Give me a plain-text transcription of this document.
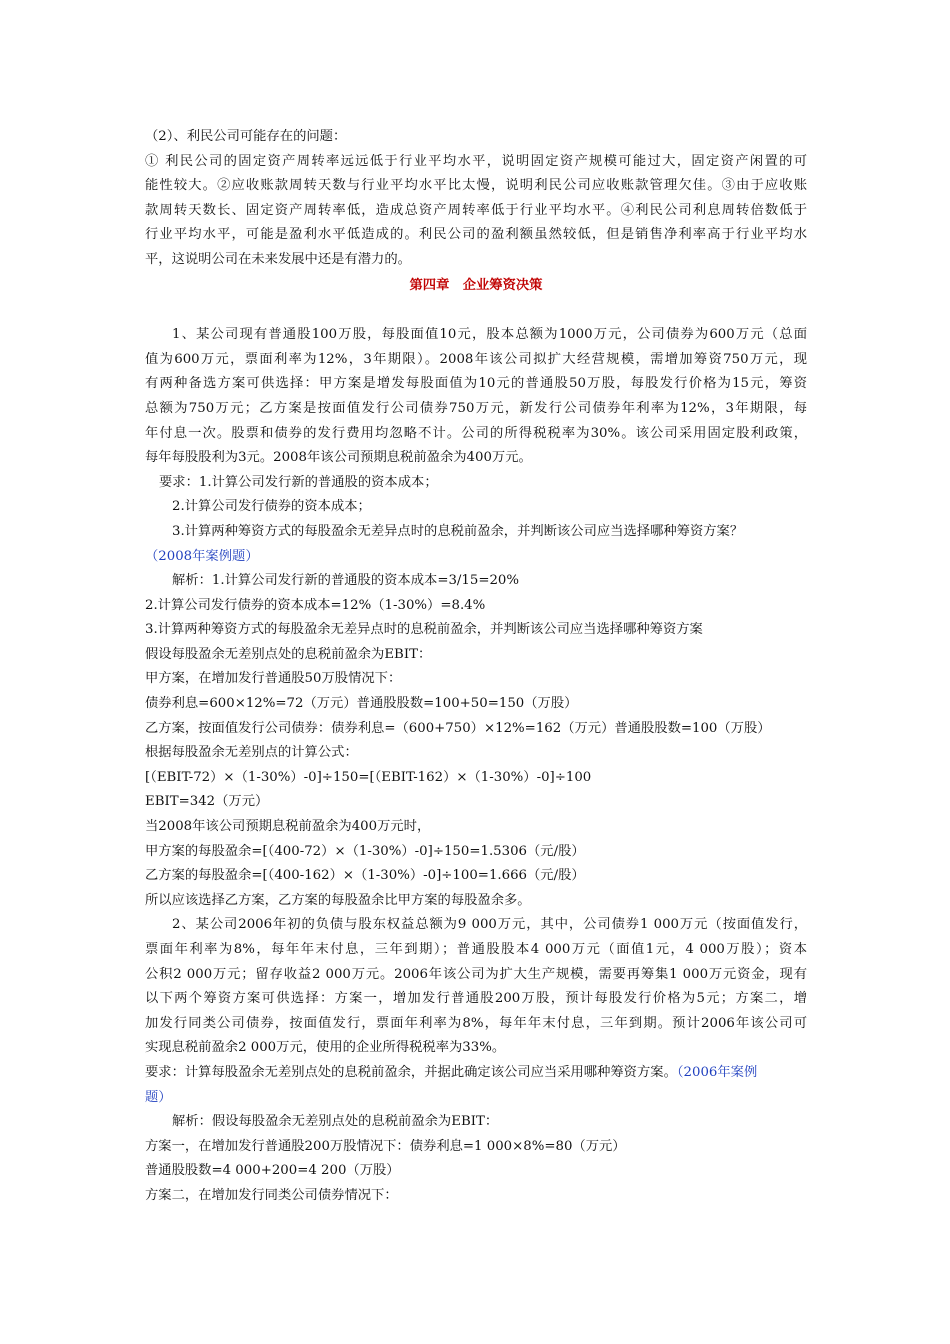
（2）、利民公司可能存在的问题：
① 利民公司的固定资产周转率远远低于行业平均水平，说明固定资产规模可能过大，固定资产闲置的可
能性较大。②应收账款周转天数与行业平均水平比太慢，说明利民公司应收账款管理欠佳。③由于应收账
款周转天数长、固定资产周转率低，造成总资产周转率低于行业平均水平。④利民公司利息周转倍数低于
行业平均水平，可能是盈利水平低造成的。利民公司的盈利额虽然较低，但是销售净利率高于行业平均水
平，这说明公司在未来发展中还是有潜力的。
第四章　企业筹资决策
1、某公司现有普通股100万股，每股面值10元，股本总额为1000万元，公司债券为600万元（总面
值为600万元，票面利率为12%，3年期限）。2008年该公司拟扩大经营规模，需增加筹资750万元，现
有两种备选方案可供选择：甲方案是增发每股面值为10元的普通股50万股，每股发行价格为15元，筹资
总额为750万元；乙方案是按面值发行公司债券750万元，新发行公司债券年利率为12%，3年期限，每
年付息一次。股票和债券的发行费用均忽略不计。公司的所得税税率为30%。该公司采用固定股利政策，
每年每股股利为3元。2008年该公司预期息税前盈余为400万元。
要求：1.计算公司发行新的普通股的资本成本；
2.计算公司发行债券的资本成本；
3.计算两种筹资方式的每股盈余无差异点时的息税前盈余，并判断该公司应当选择哪种筹资方案？
（2008年案例题）
解析：1.计算公司发行新的普通股的资本成本=3/15=20%
2.计算公司发行债券的资本成本=12%（1-30%）=8.4%
3.计算两种筹资方式的每股盈余无差异点时的息税前盈余，并判断该公司应当选择哪种筹资方案
假设每股盈余无差别点处的息税前盈余为EBIT：
甲方案，在增加发行普通股50万股情况下：
债券利息=600×12%=72（万元）普通股股数=100+50=150（万股）
乙方案，按面值发行公司债券：债券利息=（600+750）×12%=162（万元）普通股股数=100（万股）
根据每股盈余无差别点的计算公式：
[（EBIT-72）×（1-30%）-0]÷150=[（EBIT-162）×（1-30%）-0]÷100
EBIT=342（万元）
当2008年该公司预期息税前盈余为400万元时，
甲方案的每股盈余=[（400-72）×（1-30%）-0]÷150=1.5306（元/股）
乙方案的每股盈余=[（400-162）×（1-30%）-0]÷100=1.666（元/股）
所以应该选择乙方案，乙方案的每股盈余比甲方案的每股盈余多。
2、某公司2006年初的负债与股东权益总额为9 000万元，其中，公司债券1 000万元（按面值发行，
票面年利率为8%，每年年末付息，三年到期）；普通股股本4 000万元（面值1元，4 000万股）；资本
公积2 000万元；留存收益2 000万元。2006年该公司为扩大生产规模，需要再筹集1 000万元资金，现有
以下两个筹资方案可供选择：方案一，增加发行普通股200万股，预计每股发行价格为5元；方案二，增
加发行同类公司债券，按面值发行，票面年利率为8%，每年年末付息，三年到期。预计2006年该公司可
实现息税前盈余2 000万元，使用的企业所得税税率为33%。
要求：计算每股盈余无差别点处的息税前盈余，并据此确定该公司应当采用哪种筹资方案。（2006年案例
题）
解析：假设每股盈余无差别点处的息税前盈余为EBIT：
方案一，在增加发行普通股200万股情况下：债券利息=1 000×8%=80（万元）
普通股股数=4 000+200=4 200（万股）
方案二，在增加发行同类公司债券情况下：
